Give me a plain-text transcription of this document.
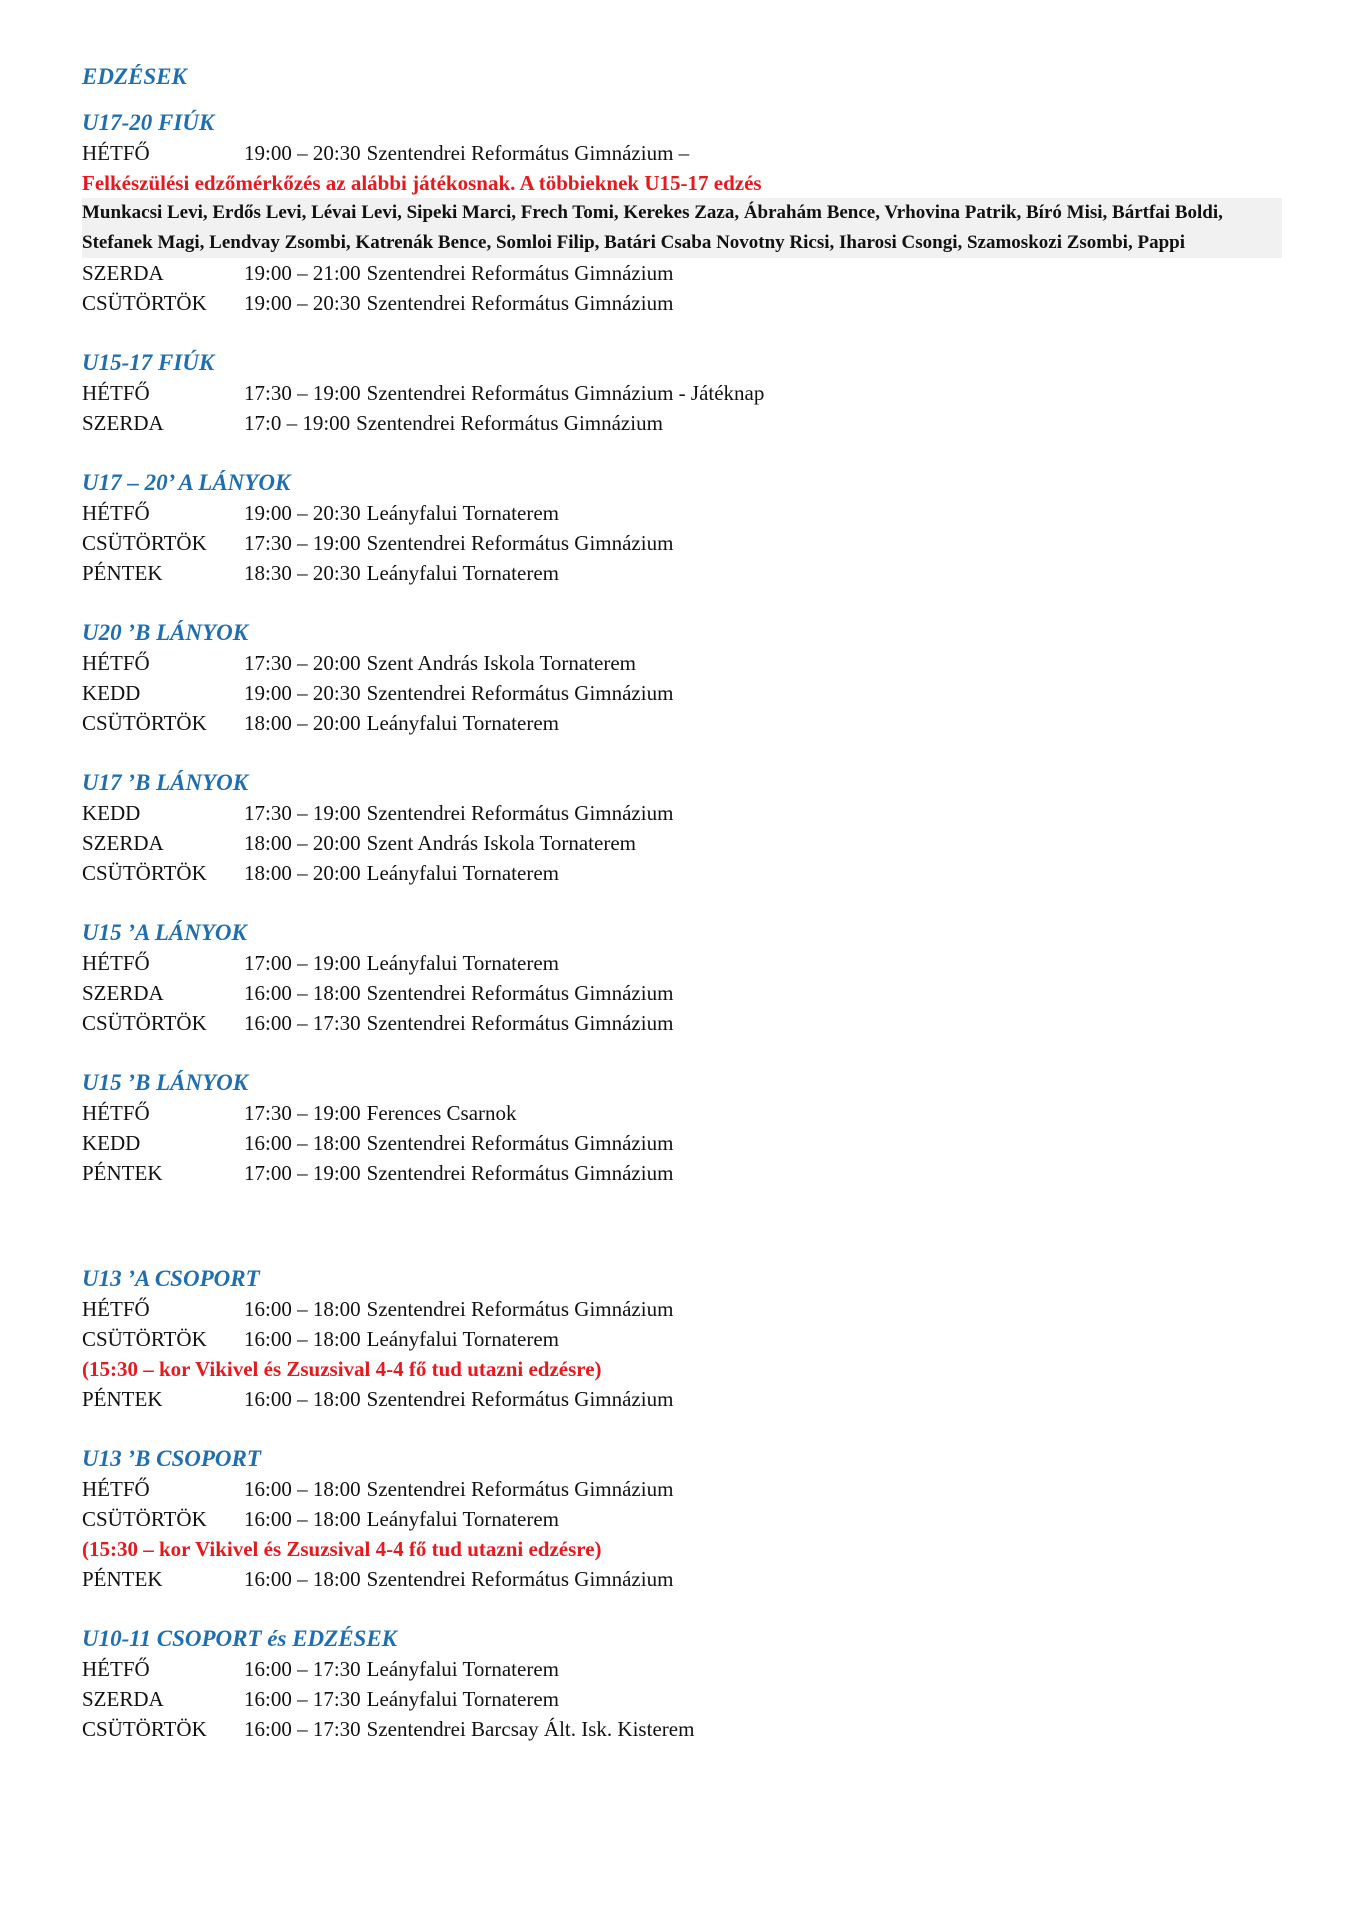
EDZÉSEK
U17-20 FIÚK
HÉTFŐ	19:00 – 20:30 Szentendrei Református Gimnázium –
Felkészülési edzőmérkőzés az alábbi játékosnak. A többieknek U15-17 edzés
Munkacsi Levi, Erdős Levi, Lévai Levi, Sipeki Marci, Frech Tomi, Kerekes Zaza, Ábrahám Bence, Vrhovina Patrik, Bíró Misi, Bártfai Boldi, Stefanek Magi, Lendvay Zsombi, Katrenák Bence, Somloi Filip, Batári Csaba Novotny Ricsi, Iharosi Csongi, Szamoskozi Zsombi, Pappi
SZERDA	19:00 – 21:00 Szentendrei Református Gimnázium
CSÜTÖRTÖK	19:00 – 20:30 Szentendrei Református Gimnázium
U15-17 FIÚK
HÉTFŐ	17:30 – 19:00 Szentendrei Református Gimnázium - Játéknap
SZERDA	17:0 – 19:00 Szentendrei Református Gimnázium
U17 – 20’ A LÁNYOK
HÉTFŐ	19:00 – 20:30 Leányfalui Tornaterem
CSÜTÖRTÖK	17:30 – 19:00 Szentendrei Református Gimnázium
PÉNTEK	18:30 – 20:30 Leányfalui Tornaterem
U20 ’B LÁNYOK
HÉTFŐ	17:30 – 20:00 Szent András Iskola Tornaterem
KEDD	19:00 – 20:30 Szentendrei Református Gimnázium
CSÜTÖRTÖK	18:00 – 20:00 Leányfalui Tornaterem
U17 ’B LÁNYOK
KEDD	17:30 – 19:00 Szentendrei Református Gimnázium
SZERDA	18:00 – 20:00 Szent András Iskola Tornaterem
CSÜTÖRTÖK	18:00 – 20:00 Leányfalui Tornaterem
U15 ’A LÁNYOK
HÉTFŐ	17:00 – 19:00 Leányfalui Tornaterem
SZERDA	16:00 – 18:00 Szentendrei Református Gimnázium
CSÜTÖRTÖK	16:00 – 17:30 Szentendrei Református Gimnázium
U15 ’B LÁNYOK
HÉTFŐ	17:30 – 19:00 Ferences Csarnok
KEDD	16:00 – 18:00 Szentendrei Református Gimnázium
PÉNTEK	17:00 – 19:00 Szentendrei Református Gimnázium
U13 ’A CSOPORT
HÉTFŐ	16:00 – 18:00 Szentendrei Református Gimnázium
CSÜTÖRTÖK	16:00 – 18:00 Leányfalui Tornaterem
(15:30 – kor Vikivel és Zsuzsival 4-4 fő tud utazni edzésre)
PÉNTEK	16:00 – 18:00 Szentendrei Református Gimnázium
U13 ’B CSOPORT
HÉTFŐ	16:00 – 18:00 Szentendrei Református Gimnázium
CSÜTÖRTÖK	16:00 – 18:00 Leányfalui Tornaterem
(15:30 – kor Vikivel és Zsuzsival 4-4 fő tud utazni edzésre)
PÉNTEK	16:00 – 18:00 Szentendrei Református Gimnázium
U10-11 CSOPORT és EDZÉSEK
HÉTFŐ	16:00 – 17:30 Leányfalui Tornaterem
SZERDA	16:00 – 17:30 Leányfalui Tornaterem
CSÜTÖRTÖK	16:00 – 17:30 Szentendrei Barcsay Ált. Isk. Kisterem
